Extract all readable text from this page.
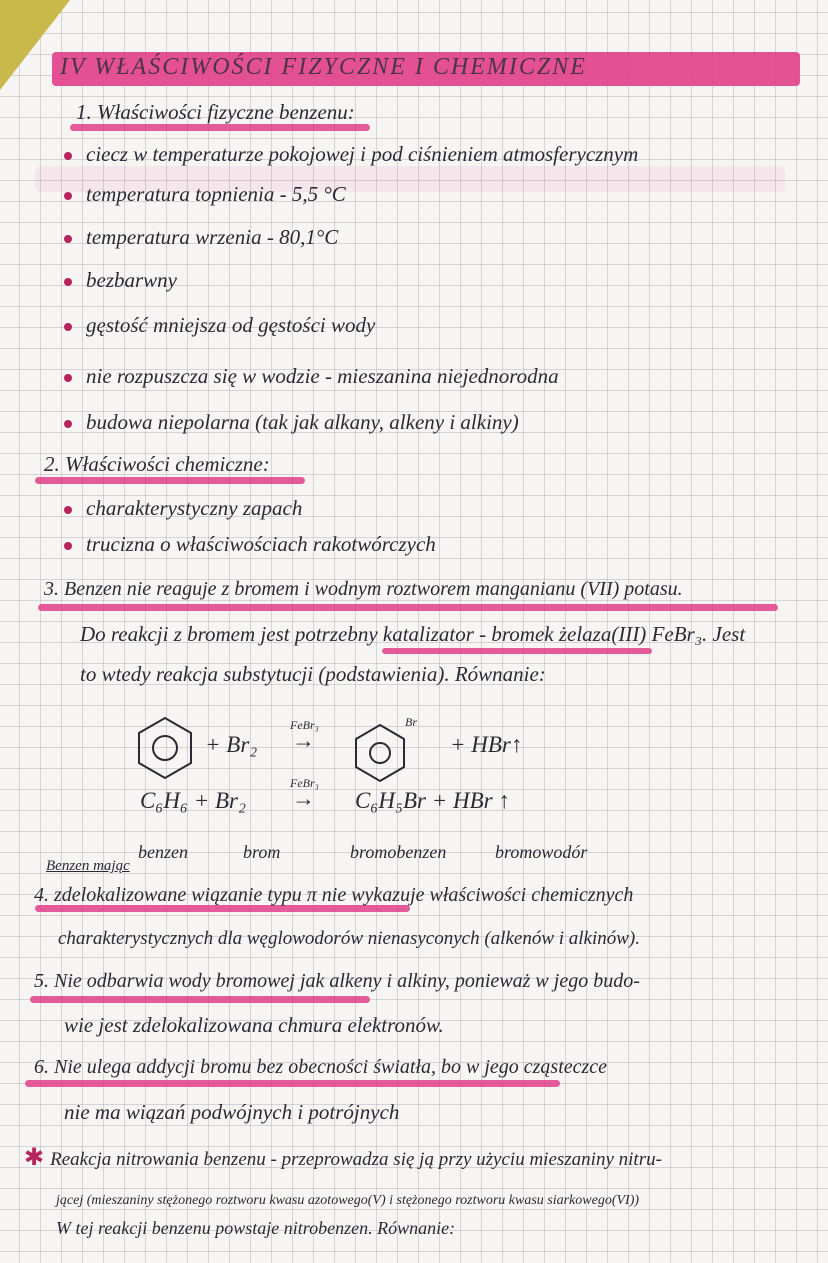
IV WŁAŚCIWOŚCI FIZYCZNE I CHEMICZNE
1. Właściwości fizyczne benzenu:
ciecz w temperaturze pokojowej i pod ciśnieniem atmosferycznym
temperatura topnienia - 5,5 °C
temperatura wrzenia - 80,1°C
bezbarwny
gęstość mniejsza od gęstości wody
nie rozpuszcza się w wodzie - mieszanina niejednorodna
budowa niepolarna (tak jak alkany, alkeny i alkiny)
2. Właściwości chemiczne:
charakterystyczny zapach
trucizna o właściwościach rakotwórczych
3. Benzen nie reaguje z bromem i wodnym roztworem manganianu (VII) potasu.
Do reakcji z bromem jest potrzebny katalizator - bromek żelaza(III) FeBr₃. Jest
to wtedy reakcja substytucji (podstawienia). Równanie:
+ Br₂
FeBr₃
→
Br
+ HBr↑
C₆H₆ + Br₂
FeBr₃
→ C₆H₅Br + HBr ↑
benzen	brom	bromobenzen	bromowodór
Benzen mając
4. zdelokalizowane wiązanie typu π nie wykazuje właściwości chemicznych
charakterystycznych dla węglowodorów nienasyconych (alkenów i alkinów).
5. Nie odbarwia wody bromowej jak alkeny i alkiny, ponieważ w jego budo-
wie jest zdelokalizowana chmura elektronów.
6. Nie ulega addycji bromu bez obecności światła, bo w jego cząsteczce
nie ma wiązań podwójnych i potrójnych
✱ Reakcja nitrowania benzenu - przeprowadza się ją przy użyciu mieszaniny nitru-
jącej (mieszaniny stężonego roztworu kwasu azotowego(V) i stężonego roztworu kwasu siarkowego(VI))
W tej reakcji benzenu powstaje nitrobenzen. Równanie:
